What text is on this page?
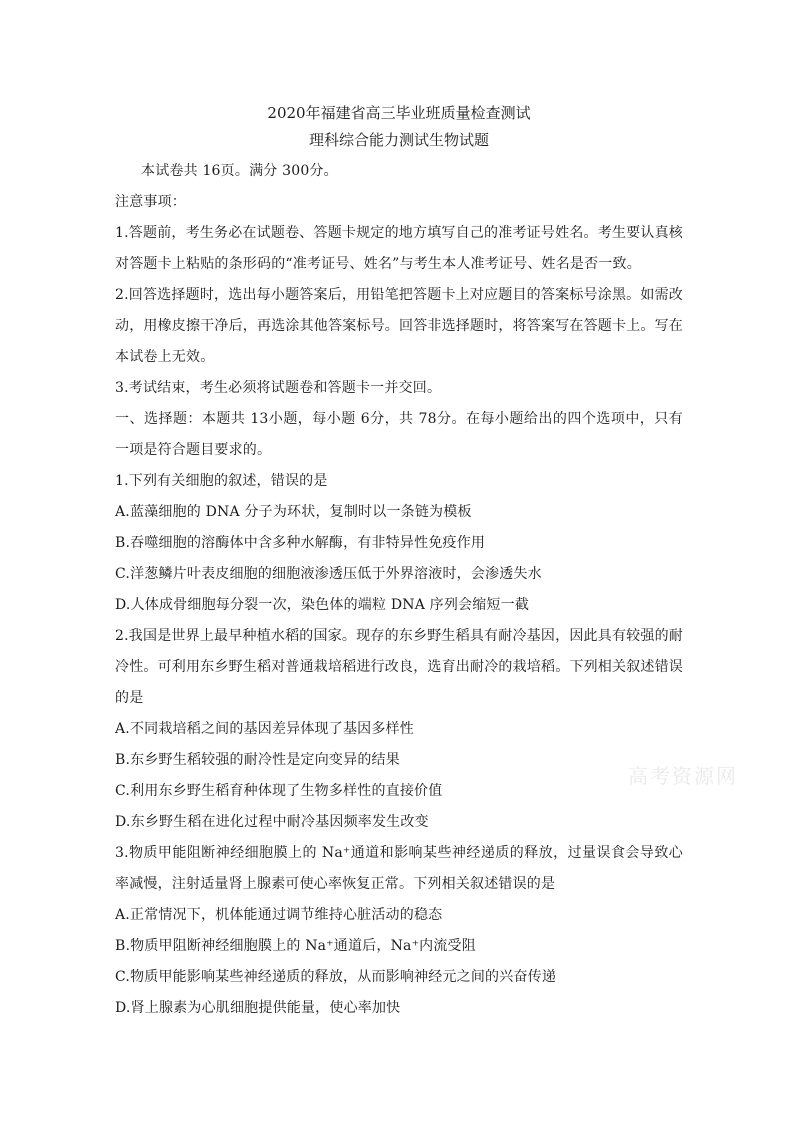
2020年福建省高三毕业班质量检查测试

理科综合能力测试生物试题

本试卷共 16页。满分 300分。

注意事项：

1.答题前，考生务必在试题卷、答题卡规定的地方填写自己的准考证号姓名。考生要认真核对答题卡上粘贴的条形码的“准考证号、姓名”与考生本人准考证号、姓名是否一致。

2.回答选择题时，选出每小题答案后，用铅笔把答题卡上对应题目的答案标号涂黑。如需改动，用橡皮擦干净后，再选涂其他答案标号。回答非选择题时，将答案写在答题卡上。写在本试卷上无效。

3.考试结束，考生必须将试题卷和答题卡一并交回。

一、选择题：本题共 13小题，每小题 6分，共 78分。在每小题给出的四个选项中，只有一项是符合题目要求的。

1.下列有关细胞的叙述，错误的是

A.蓝藻细胞的 DNA 分子为环状，复制时以一条链为模板

B.吞噬细胞的溶酶体中含多种水解酶，有非特异性免疫作用

C.洋葱鳞片叶表皮细胞的细胞液渗透压低于外界溶液时，会渗透失水

D.人体成骨细胞每分裂一次，染色体的端粒 DNA 序列会缩短一截

2.我国是世界上最早种植水稻的国家。现存的东乡野生稻具有耐冷基因，因此具有较强的耐冷性。可利用东乡野生稻对普通栽培稻进行改良，选育出耐冷的栽培稻。下列相关叙述错误的是

A.不同栽培稻之间的基因差异体现了基因多样性

B.东乡野生稻较强的耐冷性是定向变异的结果

C.利用东乡野生稻育种体现了生物多样性的直接价值

D.东乡野生稻在进化过程中耐冷基因频率发生改变

3.物质甲能阻断神经细胞膜上的 Na⁺通道和影响某些神经递质的释放，过量误食会导致心率减慢，注射适量肾上腺素可使心率恢复正常。下列相关叙述错误的是

A.正常情况下，机体能通过调节维持心脏活动的稳态

B.物质甲阻断神经细胞膜上的 Na⁺通道后，Na⁺内流受阻

C.物质甲能影响某些神经递质的释放，从而影响神经元之间的兴奋传递

D.肾上腺素为心肌细胞提供能量，使心率加快

高考资源网
